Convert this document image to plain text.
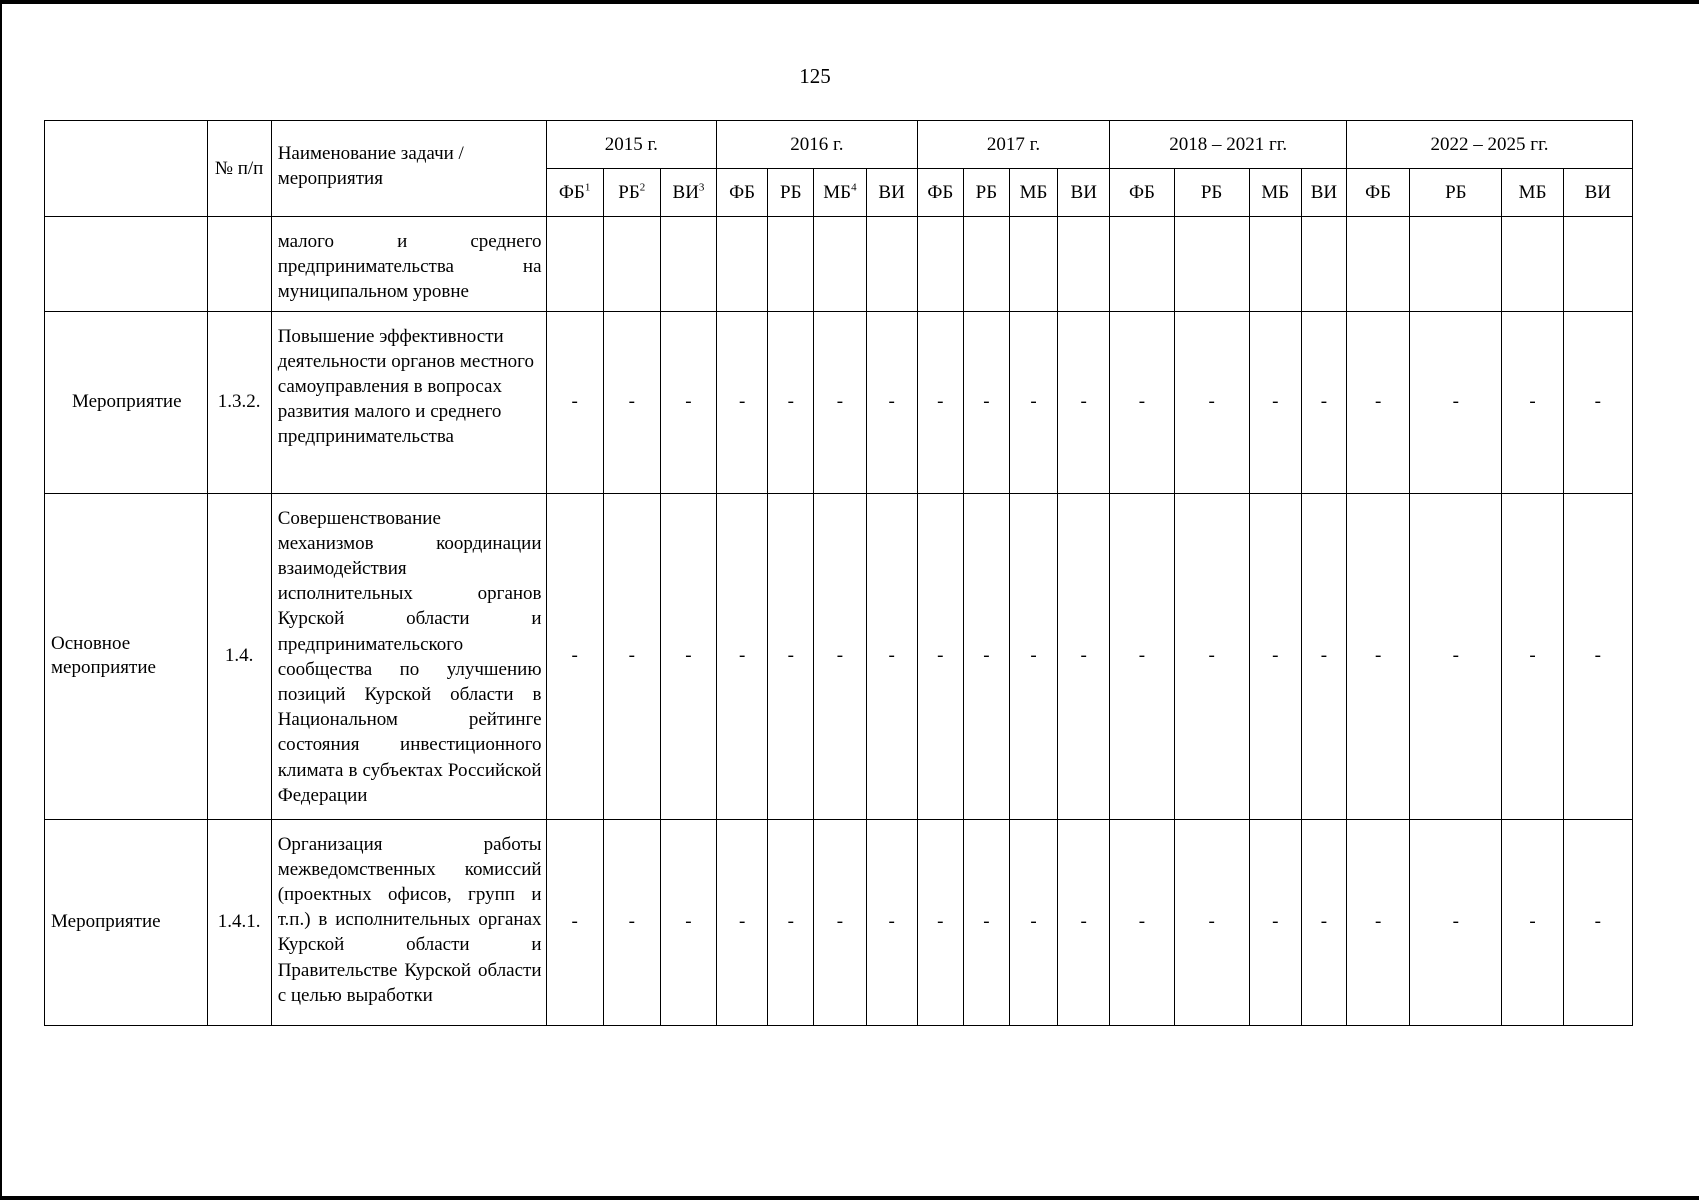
125
	№ п/п	Наименование задачи / мероприятия	2015 г.			2016 г.				2017 г.				2018 – 2021 гг.				2022 – 2025 гг.			
			$ФБ^1$	$РБ^2$	$ВИ^3$	ФБ	РБ	$МБ^4$	ВИ	ФБ	РБ	МБ	ВИ	ФБ	РБ	МБ	ВИ	ФБ	РБ	МБ	ВИ
		малого и среднего предпринимательства на муниципальном уровне																			
Мероприятие	1.3.2.	Повышение эффективности деятельности органов местного самоуправления в вопросах развития малого и среднего предпринимательства	-	-	-	-	-	-	-	-	-	-	-	-	-	-	-	-	-	-	-
Основное мероприятие	1.4.	Совершенствование механизмов координации взаимодействия исполнительных органов Курской области и предпринимательского сообщества по улучшению позиций Курской области в Национальном рейтинге состояния инвестиционного климата в субъектах Российской Федерации	-	-	-	-	-	-	-	-	-	-	-	-	-	-	-	-	-	-	-
Мероприятие	1.4.1.	Организация работы межведомственных комиссий (проектных офисов, групп и т.п.) в исполнительных органах Курской области и Правительстве Курской области с целью выработки	-	-	-	-	-	-	-	-	-	-	-	-	-	-	-	-	-	-	-
